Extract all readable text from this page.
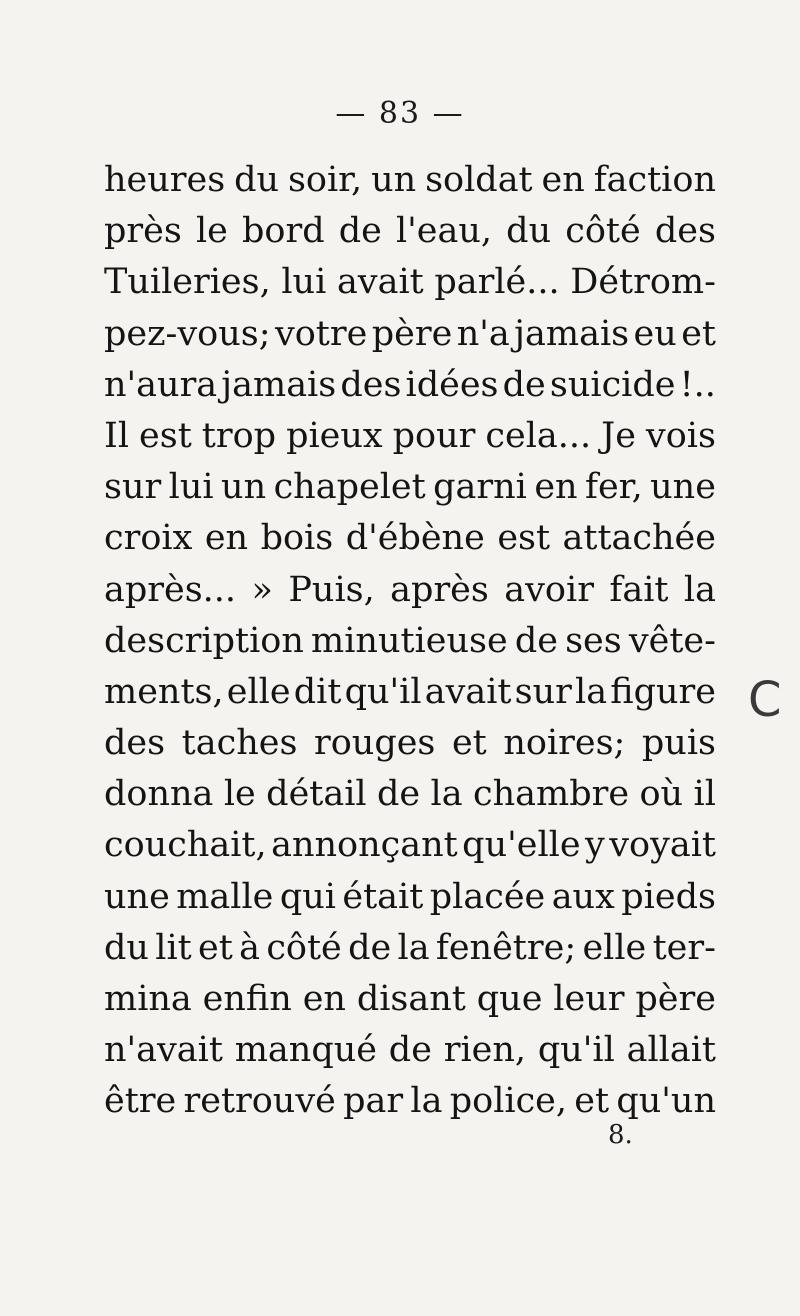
— 83 —
heures du soir, un soldat en faction
près le bord de l'eau, du côté des
Tuileries, lui avait parlé... Détrom-
pez-vous; votre père n'a jamais eu et
n'aura jamais des idées de suicide !..
Il est trop pieux pour cela... Je vois
sur lui un chapelet garni en fer, une
croix en bois d'ébène est attachée
après... » Puis, après avoir fait la
description minutieuse de ses vête-
ments, elle dit qu'il avait sur la figure
des taches rouges et noires; puis
donna le détail de la chambre où il
couchait, annonçant qu'elle y voyait
une malle qui était placée aux pieds
du lit et à côté de la fenêtre; elle ter-
mina enfin en disant que leur père
n'avait manqué de rien, qu'il allait
être retrouvé par la police, et qu'un
8.
C
